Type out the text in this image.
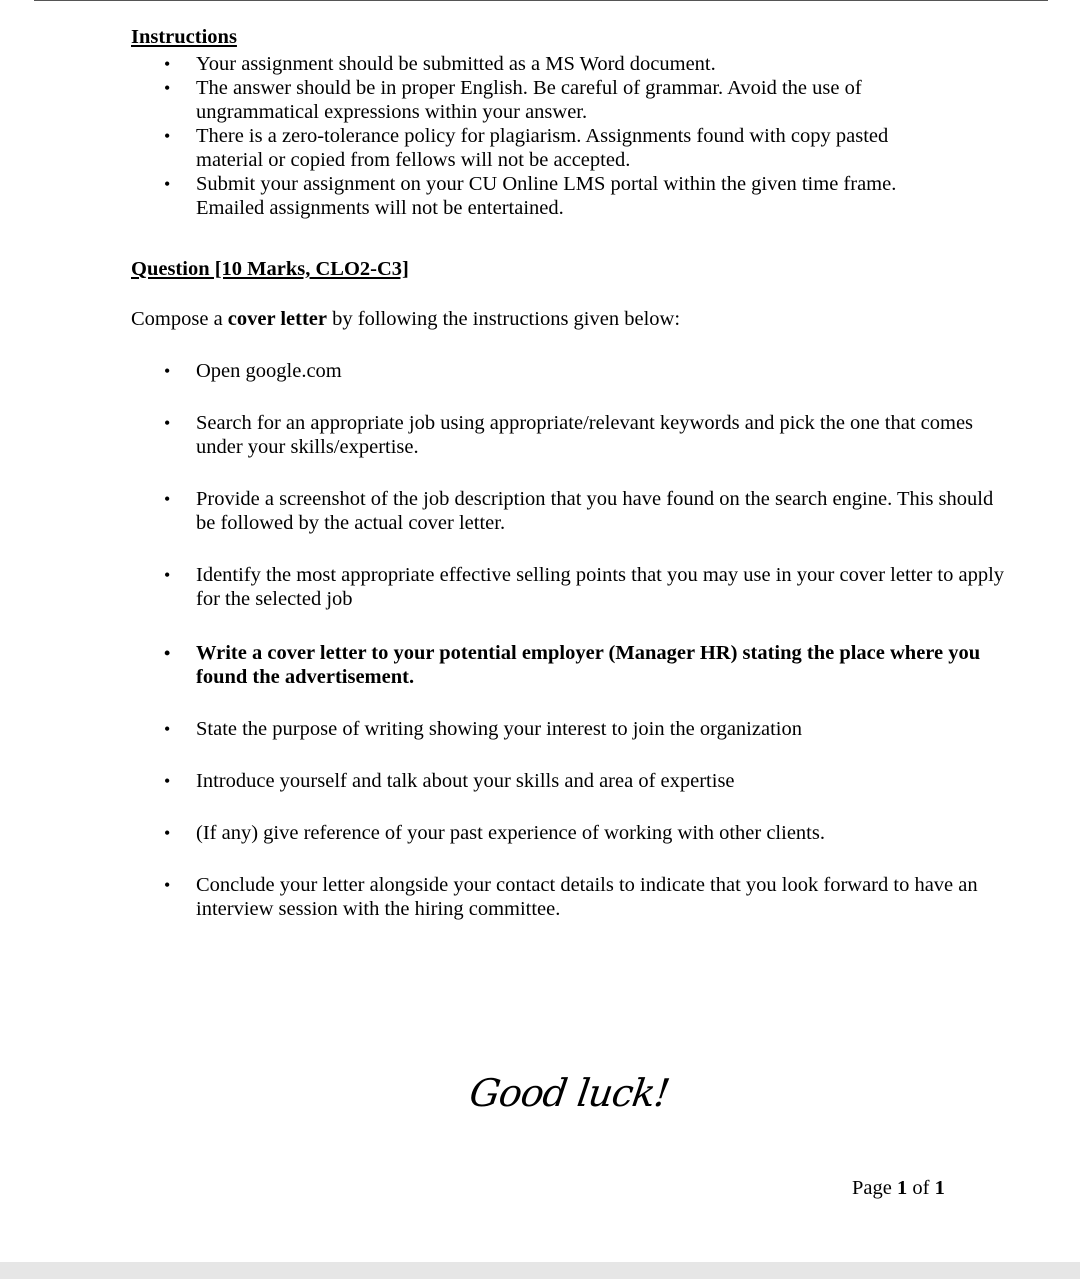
Instructions

• Your assignment should be submitted as a MS Word document.
• The answer should be in proper English. Be careful of grammar. Avoid the use of ungrammatical expressions within your answer.
• There is a zero-tolerance policy for plagiarism. Assignments found with copy pasted material or copied from fellows will not be accepted.
• Submit your assignment on your CU Online LMS portal within the given time frame. Emailed assignments will not be entertained.

Question [10 Marks, CLO2-C3]

Compose a cover letter by following the instructions given below:

• Open google.com
• Search for an appropriate job using appropriate/relevant keywords and pick the one that comes under your skills/expertise.
• Provide a screenshot of the job description that you have found on the search engine. This should be followed by the actual cover letter.
• Identify the most appropriate effective selling points that you may use in your cover letter to apply for the selected job
• Write a cover letter to your potential employer (Manager HR) stating the place where you found the advertisement.
• State the purpose of writing showing your interest to join the organization
• Introduce yourself and talk about your skills and area of expertise
• (If any) give reference of your past experience of working with other clients.
• Conclude your letter alongside your contact details to indicate that you look forward to have an interview session with the hiring committee.
Good luck!
Page 1 of 1
